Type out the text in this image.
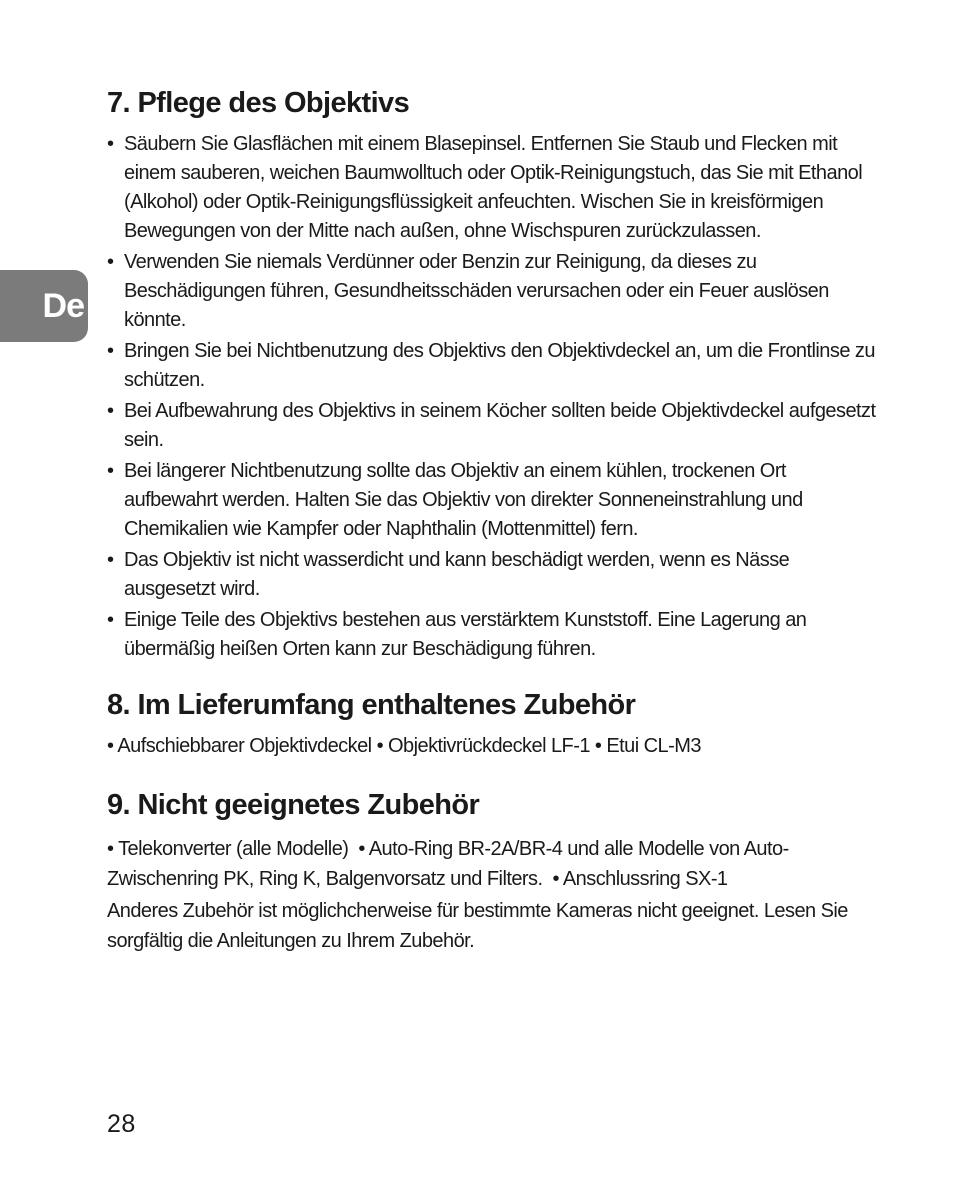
De
7. Pflege des Objektivs
• Säubern Sie Glasflächen mit einem Blasepinsel. Entfernen Sie Staub und Flecken mit einem sauberen, weichen Baumwolltuch oder Optik-Reinigungstuch, das Sie mit Ethanol (Alkohol) oder Optik-Reinigungsflüssigkeit anfeuchten. Wischen Sie in kreisförmigen Bewegungen von der Mitte nach außen, ohne Wischspuren zurückzulassen.
• Verwenden Sie niemals Verdünner oder Benzin zur Reinigung, da dieses zu Beschädigungen führen, Gesundheitsschäden verursachen oder ein Feuer auslösen könnte.
• Bringen Sie bei Nichtbenutzung des Objektivs den Objektivdeckel an, um die Frontlinse zu schützen.
• Bei Aufbewahrung des Objektivs in seinem Köcher sollten beide Objektivdeckel aufgesetzt sein.
• Bei längerer Nichtbenutzung sollte das Objektiv an einem kühlen, trockenen Ort aufbewahrt werden. Halten Sie das Objektiv von direkter Sonneneinstrahlung und Chemikalien wie Kampfer oder Naphthalin (Mottenmittel) fern.
• Das Objektiv ist nicht wasserdicht und kann beschädigt werden, wenn es Nässe ausgesetzt wird.
• Einige Teile des Objektivs bestehen aus verstärktem Kunststoff. Eine Lagerung an übermäßig heißen Orten kann zur Beschädigung führen.
8. Im Lieferumfang enthaltenes Zubehör

• Aufschiebbarer Objektivdeckel • Objektivrückdeckel LF-1 • Etui CL-M3

9. Nicht geeignetes Zubehör

• Telekonverter (alle Modelle) • Auto-Ring BR-2A/BR-4 und alle Modelle von Auto-Zwischenring PK, Ring K, Balgenvorsatz und Filters. • Anschlussring SX-1

Anderes Zubehör ist möglichcherweise für bestimmte Kameras nicht geeignet. Lesen Sie sorgfältig die Anleitungen zu Ihrem Zubehör.

28
